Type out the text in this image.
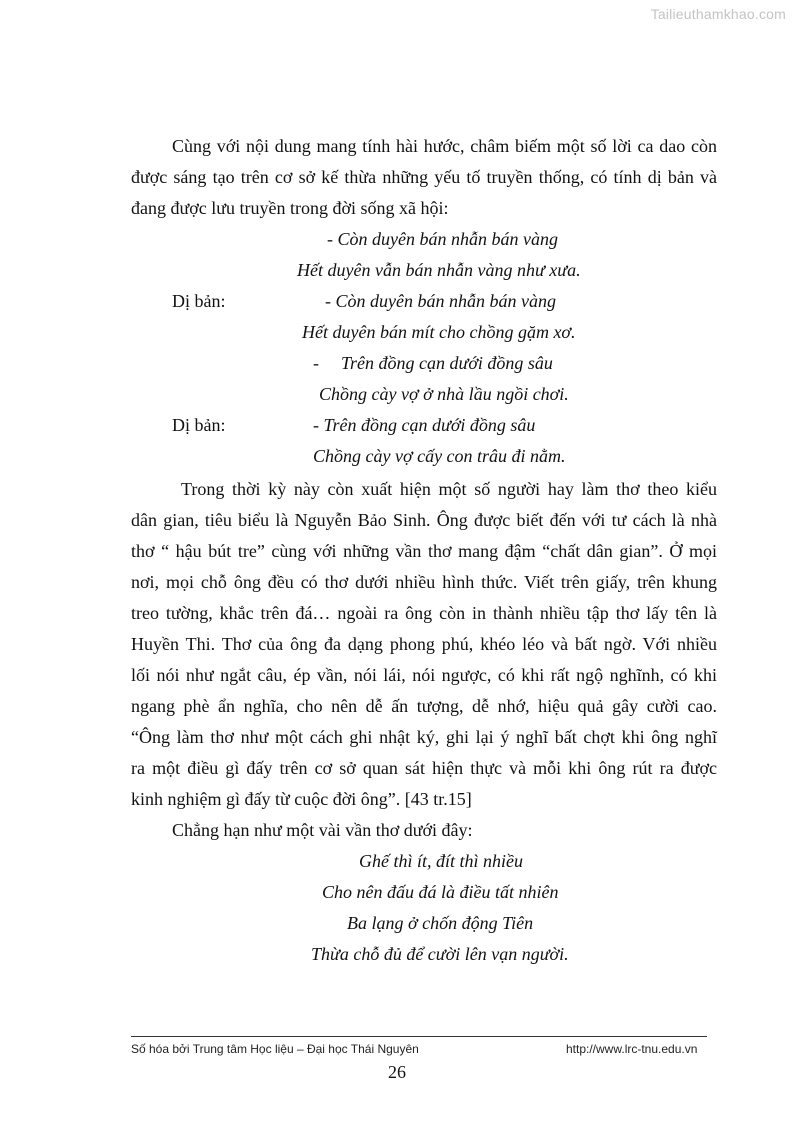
Tailieuthamkhao.com
Cùng với nội dung mang tính hài hước, châm biếm một số lời ca dao còn
được sáng tạo trên cơ sở kế thừa những yếu tố truyền thống, có tính dị bản và
đang được lưu truyền trong đời sống xã hội:
- Còn duyên bán nhẫn bán vàng
Hết duyên vẫn bán nhẫn vàng như xưa.
Dị bản:	- Còn duyên bán nhẫn bán vàng
Hết duyên bán mít cho chồng gặm xơ.
- Trên đồng cạn dưới đồng sâu
Chồng cày vợ ở nhà lầu ngồi chơi.
Dị bản:	- Trên đồng cạn dưới đồng sâu
Chồng cày vợ cấy con trâu đi nằm.
Trong thời kỳ này còn xuất hiện một số người hay làm thơ theo kiểu
dân gian, tiêu biểu là Nguyễn Bảo Sinh. Ông được biết đến với tư cách là nhà
thơ “ hậu bút tre” cùng với những vần thơ mang đậm “chất dân gian”. Ở mọi
nơi, mọi chỗ ông đều có thơ dưới nhiều hình thức. Viết trên giấy, trên khung
treo tường, khắc trên đá… ngoài ra ông còn in thành nhiều tập thơ lấy tên là
Huyền Thi. Thơ của ông đa dạng phong phú, khéo léo và bất ngờ. Với nhiều
lối nói như ngắt câu, ép vần, nói lái, nói ngược, có khi rất ngộ nghĩnh, có khi
ngang phè ẩn nghĩa, cho nên dễ ấn tượng, dễ nhớ, hiệu quả gây cười cao.
“Ông làm thơ như một cách ghi nhật ký, ghi lại ý nghĩ bất chợt khi ông nghĩ
ra một điều gì đấy trên cơ sở quan sát hiện thực và mỗi khi ông rút ra được
kinh nghiệm gì đấy từ cuộc đời ông”. [43 tr.15]
Chẳng hạn như một vài vần thơ dưới đây:
Ghế thì ít, đít thì nhiều
Cho nên đấu đá là điều tất nhiên
Ba lạng ở chốn động Tiên
Thừa chỗ đủ để cười lên vạn người.
Số hóa bởi Trung tâm Học liệu – Đại học Thái Nguyên	http://www.lrc-tnu.edu.vn
26
